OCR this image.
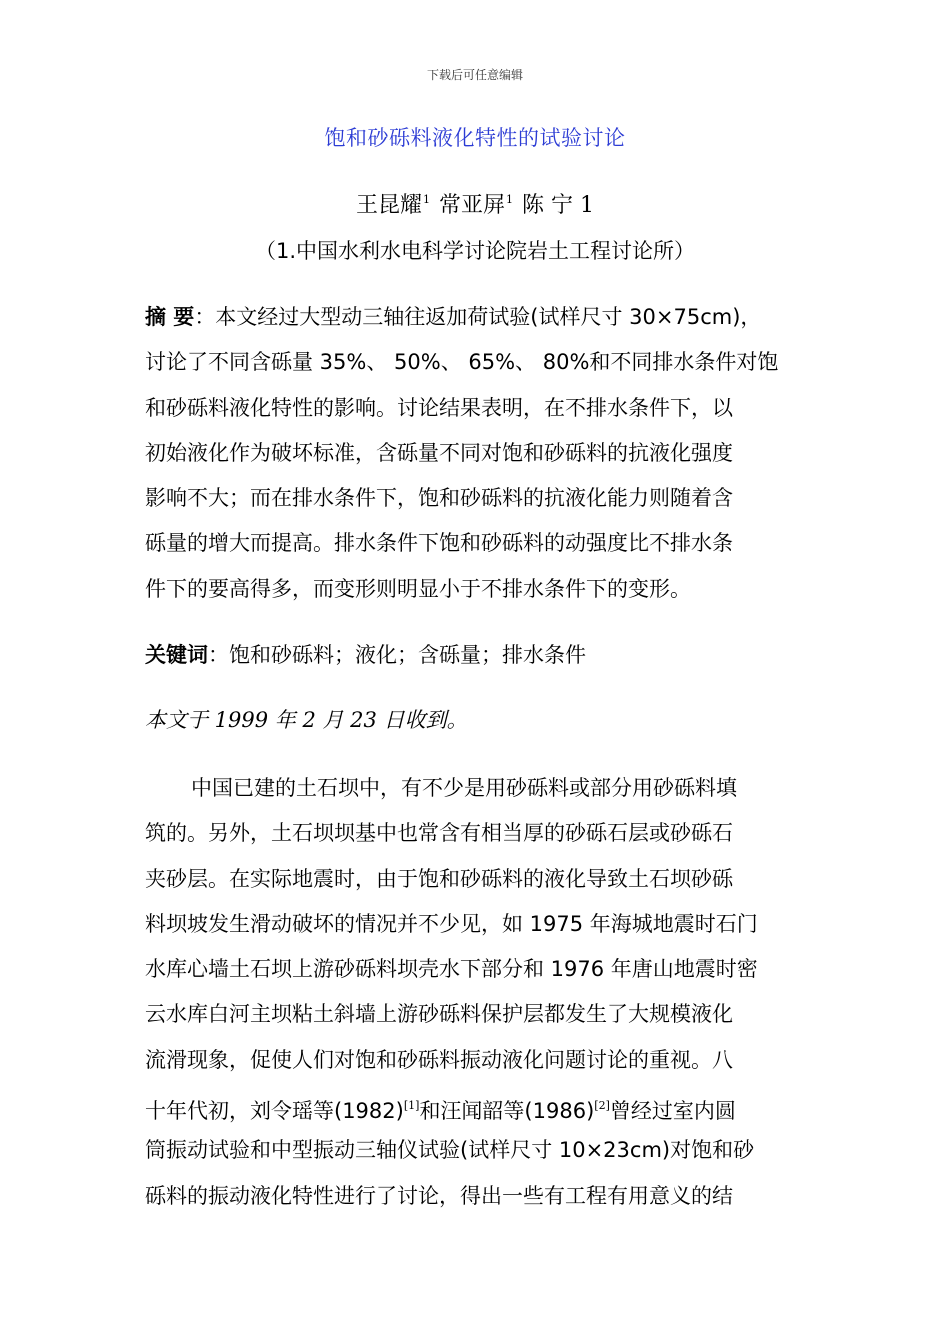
下载后可任意编辑
饱和砂砾料液化特性的试验讨论
王昆耀$^1$ 常亚屏$^1$ 陈 宁 1
（1.中国水利水电科学讨论院岩土工程讨论所）
摘 要：本文经过大型动三轴往返加荷试验(试样尺寸 30×75cm)，
讨论了不同含砾量 35%、 50%、 65%、 80%和不同排水条件对饱
和砂砾料液化特性的影响。讨论结果表明，在不排水条件下，以
初始液化作为破坏标准，含砾量不同对饱和砂砾料的抗液化强度
影响不大；而在排水条件下，饱和砂砾料的抗液化能力则随着含
砾量的增大而提高。排水条件下饱和砂砾料的动强度比不排水条
件下的要高得多，而变形则明显小于不排水条件下的变形。
关键词：饱和砂砾料；液化；含砾量；排水条件
本文于 1999 年 2 月 23 日收到。
中国已建的土石坝中，有不少是用砂砾料或部分用砂砾料填
筑的。另外，土石坝坝基中也常含有相当厚的砂砾石层或砂砾石
夹砂层。在实际地震时，由于饱和砂砾料的液化导致土石坝砂砾
料坝坡发生滑动破坏的情况并不少见，如 1975 年海城地震时石门
水库心墙土石坝上游砂砾料坝壳水下部分和 1976 年唐山地震时密
云水库白河主坝粘土斜墙上游砂砾料保护层都发生了大规模液化
流滑现象，促使人们对饱和砂砾料振动液化问题讨论的重视。八
十年代初，刘令瑶等(1982)[1]和汪闻韶等(1986)[2]曾经过室内圆
筒振动试验和中型振动三轴仪试验(试样尺寸 10×23cm)对饱和砂
砾料的振动液化特性进行了讨论，得出一些有工程有用意义的结
